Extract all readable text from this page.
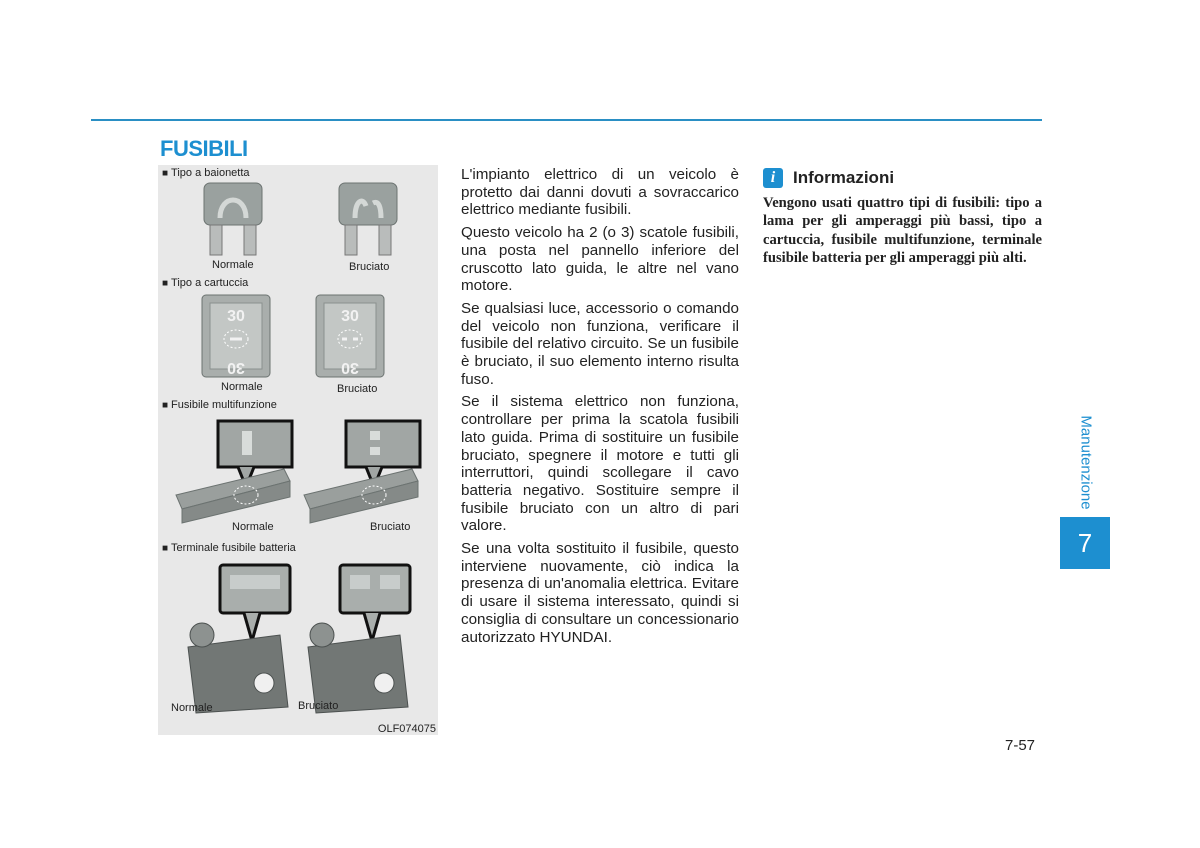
FUSIBILI
■ Tipo a baionetta
Normale	Bruciato
■ Tipo a cartuccia
30
30
30
30
Normale	Bruciato
■ Fusibile multifunzione
Normale	Bruciato
■ Terminale fusibile batteria
Normale	Bruciato
OLF074075

L'impianto elettrico di un veicolo è protetto dai danni dovuti a sovraccarico elettrico mediante fusibili.

Questo veicolo ha 2 (o 3) scatole fusibili, una posta nel pannello inferiore del cruscotto lato guida, le altre nel vano motore.

Se qualsiasi luce, accessorio o comando del veicolo non funziona, verificare il fusibile del relativo circuito. Se un fusibile è bruciato, il suo elemento interno risulta fuso.

Se il sistema elettrico non funziona, controllare per prima la scatola fusibili lato guida. Prima di sostituire un fusibile bruciato, spegnere il motore e tutti gli interruttori, quindi scollegare il cavo batteria negativo. Sostituire sempre il fusibile bruciato con un altro di pari valore.

Se una volta sostituito il fusibile, questo interviene nuovamente, ciò indica la presenza di un'anomalia elettrica. Evitare di usare il sistema interessato, quindi si consiglia di consultare un concessionario autorizzato HYUNDAI.

i	Informazioni

Vengono usati quattro tipi di fusibili: tipo a lama per gli amperaggi più bassi, tipo a cartuccia, fusibile multifunzione, terminale fusibile batteria per gli amperaggi più alti.

Manutenzione
7
7-57
